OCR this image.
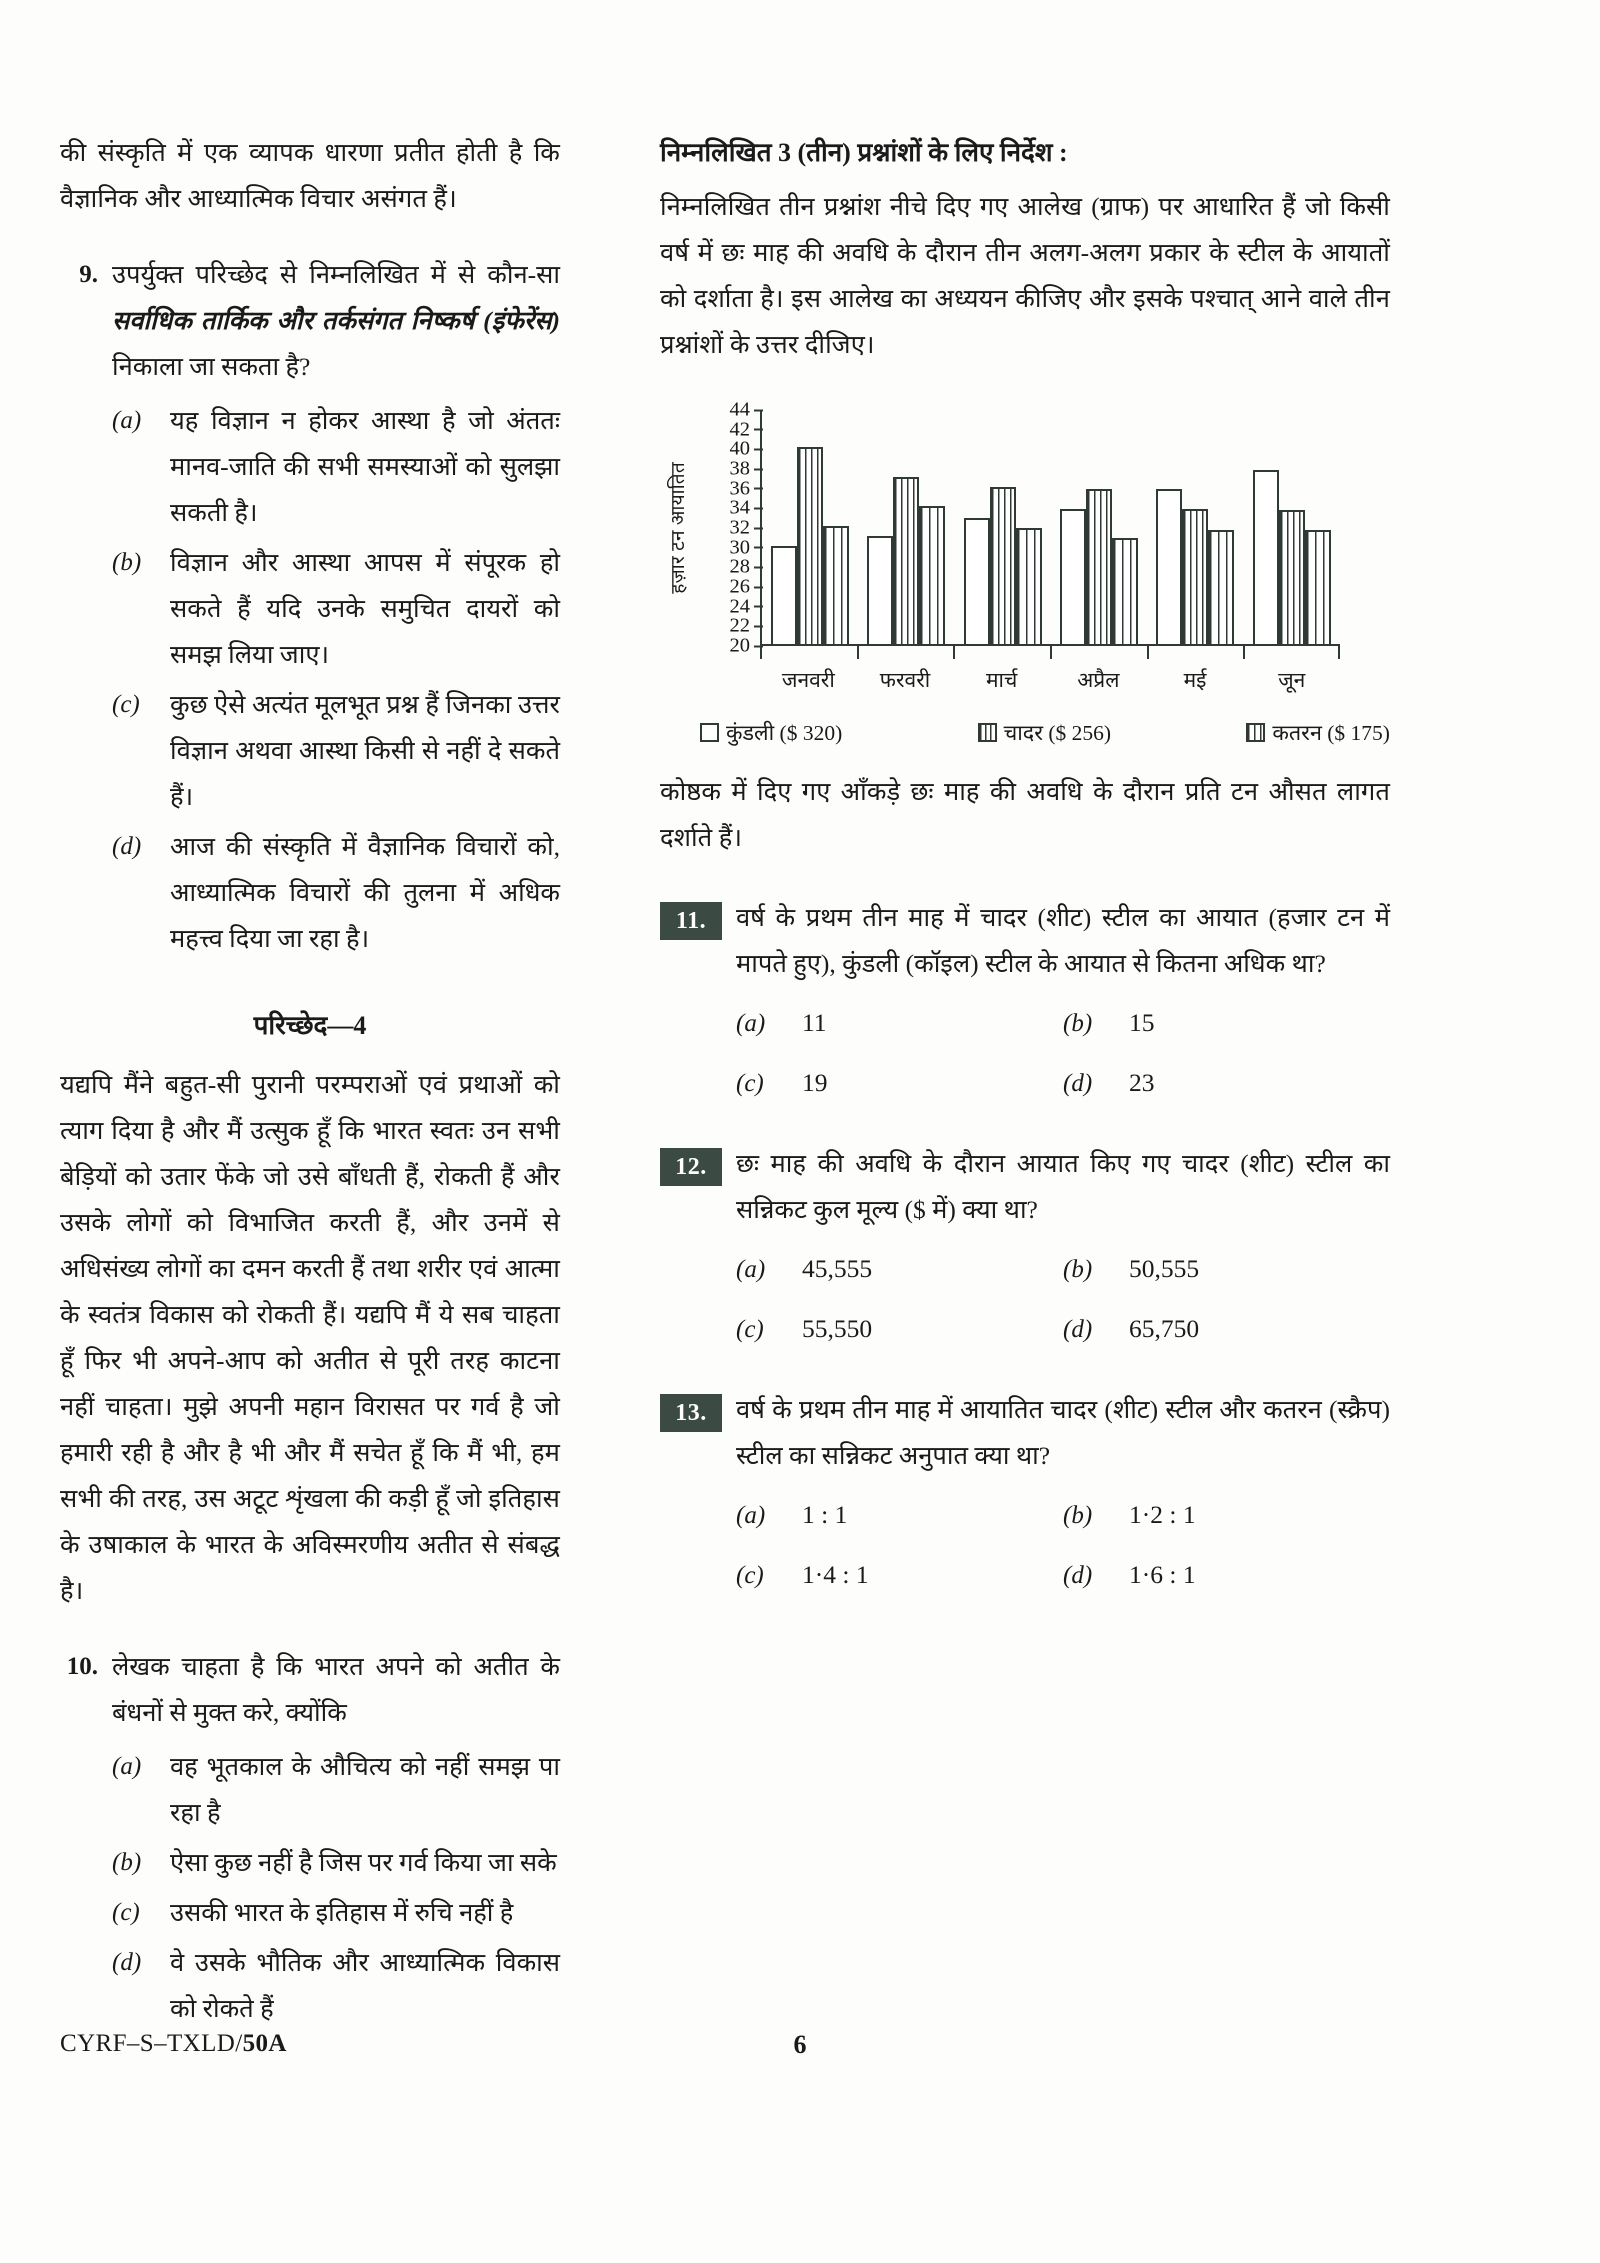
की संस्कृति में एक व्यापक धारणा प्रतीत होती है कि वैज्ञानिक और आध्यात्मिक विचार असंगत हैं।

9. उपर्युक्त परिच्छेद से निम्नलिखित में से कौन-सा सर्वाधिक तार्किक और तर्कसंगत निष्कर्ष (इंफेरेंस) निकाला जा सकता है?
(a)	यह विज्ञान न होकर आस्था है जो अंततः मानव-जाति की सभी समस्याओं को सुलझा सकती है।
(b)	विज्ञान और आस्था आपस में संपूरक हो सकते हैं यदि उनके समुचित दायरों को समझ लिया जाए।
(c)	कुछ ऐसे अत्यंत मूलभूत प्रश्न हैं जिनका उत्तर विज्ञान अथवा आस्था किसी से नहीं दे सकते हैं।
(d)	आज की संस्कृति में वैज्ञानिक विचारों को, आध्यात्मिक विचारों की तुलना में अधिक महत्त्व दिया जा रहा है।
परिच्छेद—4

यद्यपि मैंने बहुत-सी पुरानी परम्पराओं एवं प्रथाओं को त्याग दिया है और मैं उत्सुक हूँ कि भारत स्वतः उन सभी बेड़ियों को उतार फेंके जो उसे बाँधती हैं, रोकती हैं और उसके लोगों को विभाजित करती हैं, और उनमें से अधिसंख्य लोगों का दमन करती हैं तथा शरीर एवं आत्मा के स्वतंत्र विकास को रोकती हैं। यद्यपि मैं ये सब चाहता हूँ फिर भी अपने-आप को अतीत से पूरी तरह काटना नहीं चाहता। मुझे अपनी महान विरासत पर गर्व है जो हमारी रही है और है भी और मैं सचेत हूँ कि मैं भी, हम सभी की तरह, उस अटूट शृंखला की कड़ी हूँ जो इतिहास के उषाकाल के भारत के अविस्मरणीय अतीत से संबद्ध है।

10. लेखक चाहता है कि भारत अपने को अतीत के बंधनों से मुक्त करे, क्योंकि
(a)	वह भूतकाल के औचित्य को नहीं समझ पा रहा है
(b)	ऐसा कुछ नहीं है जिस पर गर्व किया जा सके
(c)	उसकी भारत के इतिहास में रुचि नहीं है
(d)	वे उसके भौतिक और आध्यात्मिक विकास को रोकते हैं
निम्नलिखित 3 (तीन) प्रश्नांशों के लिए निर्देश :

निम्नलिखित तीन प्रश्नांश नीचे दिए गए आलेख (ग्राफ) पर आधारित हैं जो किसी वर्ष में छः माह की अवधि के दौरान तीन अलग-अलग प्रकार के स्टील के आयातों को दर्शाता है। इस आलेख का अध्ययन कीजिए और इसके पश्चात् आने वाले तीन प्रश्नांशों के उत्तर दीजिए।

हज़ार टन आयातित
44
42
40
38
36
34
32
30
28
26
24
22
20
जनवरी	फरवरी	मार्च	अप्रैल	मई	जून
कुंडली ($ 320)	चादर ($ 256)	कतरन ($ 175)

कोष्ठक में दिए गए आँकड़े छः माह की अवधि के दौरान प्रति टन औसत लागत दर्शाते हैं।

11.	वर्ष के प्रथम तीन माह में चादर (शीट) स्टील का आयात (हजार टन में मापते हुए), कुंडली (कॉइल) स्टील के आयात से कितना अधिक था?
(a)	11	(b)	15
(c)	19	(d)	23
12.	छः माह की अवधि के दौरान आयात किए गए चादर (शीट) स्टील का सन्निकट कुल मूल्य ($ में) क्या था?
(a)	45,555	(b)	50,555
(c)	55,550	(d)	65,750
13.	वर्ष के प्रथम तीन माह में आयातित चादर (शीट) स्टील और कतरन (स्क्रैप) स्टील का सन्निकट अनुपात क्या था?
(a)	1 : 1	(b)	1·2 : 1
(c)	1·4 : 1	(d)	1·6 : 1
CYRF–S–TXLD/50A	6
